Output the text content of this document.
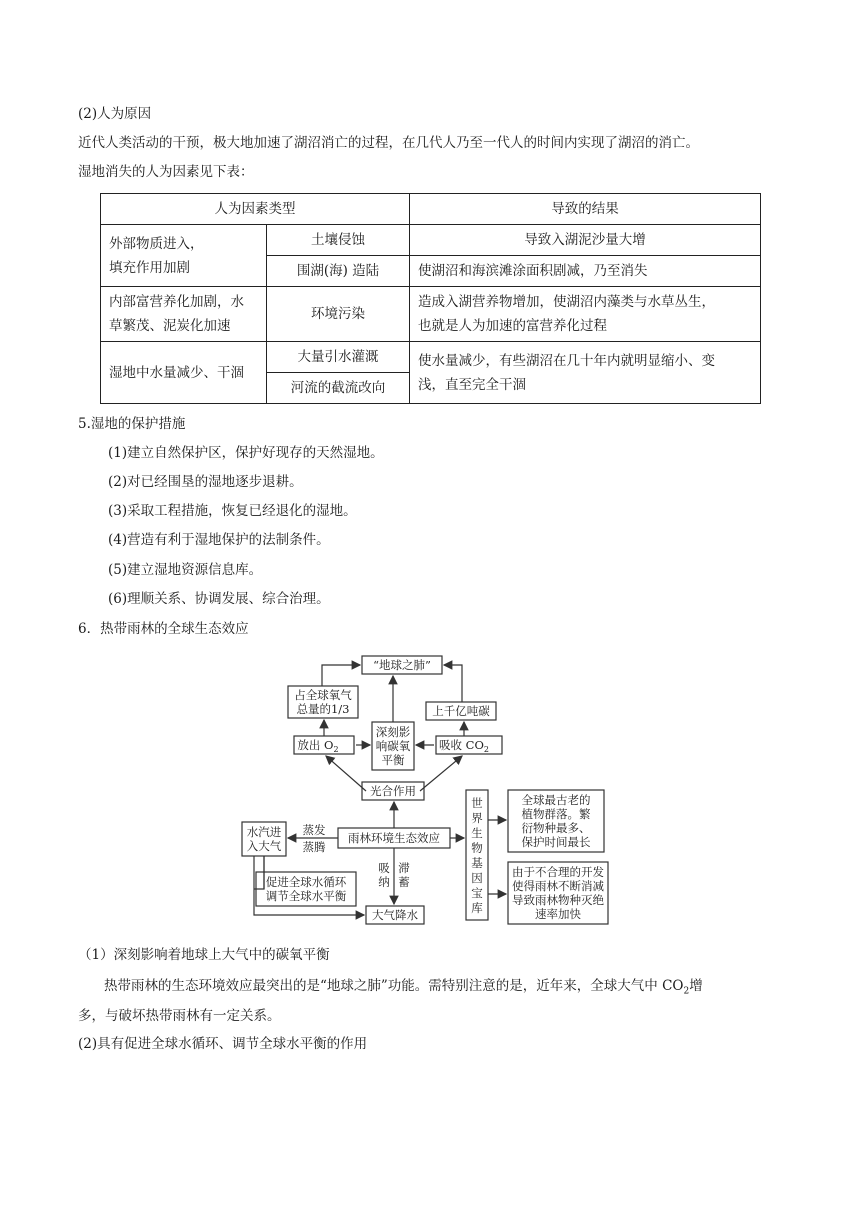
(2)人为原因
近代人类活动的干预，极大地加速了湖沼消亡的过程，在几代人乃至一代人的时间内实现了湖沼的消亡。
湿地消失的人为因素见下表：
人为因素类型		导致的结果
外部物质进入，
填充作用加剧	土壤侵蚀	导致入湖泥沙量大增
	围湖(海) 造陆	使湖沼和海滨滩涂面积剧减，乃至消失
内部富营养化加剧，水
草繁茂、泥炭化加速	环境污染	造成入湖营养物增加，使湖沼内藻类与水草丛生，
也就是人为加速的富营养化过程
湿地中水量减少、干涸	大量引水灌溉	使水量减少，有些湖沼在几十年内就明显缩小、变
浅，直至完全干涸
	河流的截流改向	
5.湿地的保护措施
(1)建立自然保护区，保护好现存的天然湿地。
(2)对已经围垦的湿地逐步退耕。
(3)采取工程措施，恢复已经退化的湿地。
(4)营造有利于湿地保护的法制条件。
(5)建立湿地资源信息库。
(6)理顺关系、协调发展、综合治理。
6．热带雨林的全球生态效应
“地球之肺”
占全球氧气
总量的1/3	上千亿吨碳
深刻影
响碳氧
平衡
放出 $O_2$	吸收 $CO_2$
光合作用
雨林环境生态效应
水汽进
入大气
蒸发
蒸腾
吸
纳
滞
蓄
促进全球水循环
调节全球水平衡
大气降水
世
界
生
物
基
因
宝
库
全球最古老的
植物群落。繁
衍物种最多、
保护时间最长
由于不合理的开发
使得雨林不断消减
导致雨林物种灭绝
速率加快
（1）深刻影响着地球上大气中的碳氧平衡
热带雨林的生态环境效应最突出的是“地球之肺”功能。需特别注意的是，近年来，全球大气中 $CO_2$增
多，与破坏热带雨林有一定关系。
(2)具有促进全球水循环、调节全球水平衡的作用
